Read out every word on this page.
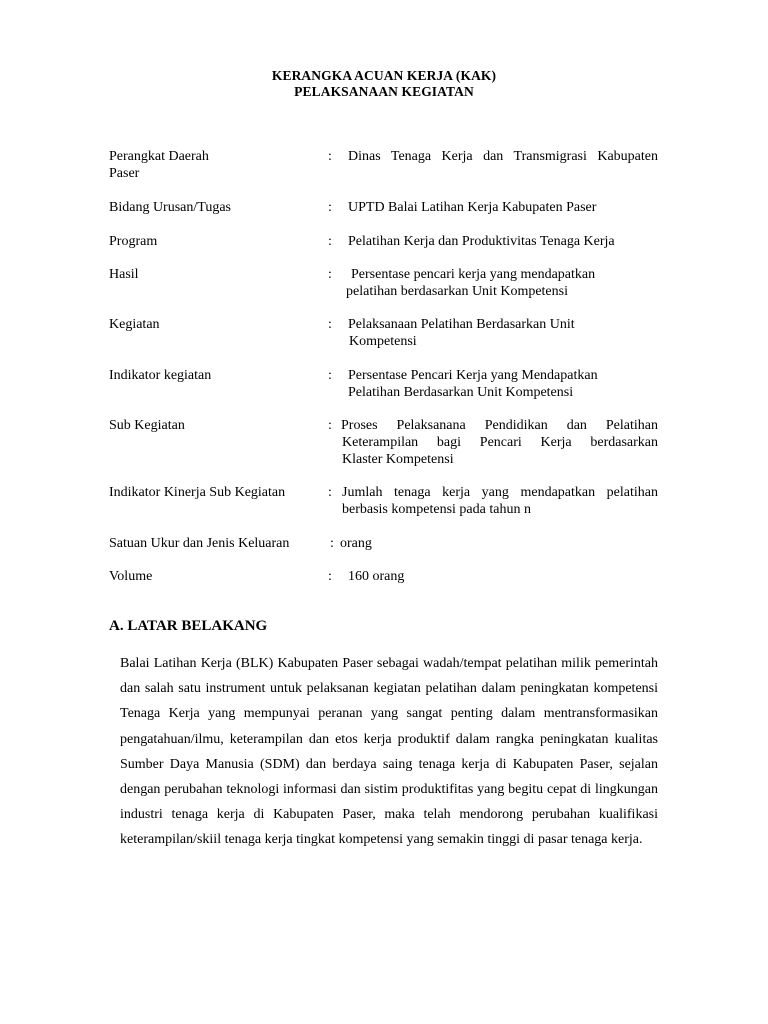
KERANGKA ACUAN KERJA (KAK)
PELAKSANAAN KEGIATAN
Perangkat Daerah	:	Dinas Tenaga Kerja dan Transmigrasi Kabupaten
Paser
Bidang Urusan/Tugas	:	UPTD Balai Latihan Kerja Kabupaten Paser
Program	:	Pelatihan Kerja dan Produktivitas Tenaga Kerja
Hasil	:	Persentase pencari kerja yang mendapatkan
pelatihan berdasarkan Unit Kompetensi
Kegiatan	:	Pelaksanaan Pelatihan Berdasarkan Unit
Kompetensi
Indikator kegiatan	:	Persentase Pencari Kerja yang Mendapatkan
Pelatihan Berdasarkan Unit Kompetensi
Sub Kegiatan	: Proses Pelaksanana Pendidikan dan Pelatihan
Keterampilan bagi Pencari Kerja berdasarkan
Klaster Kompetensi
Indikator Kinerja Sub Kegiatan	: Jumlah tenaga kerja yang mendapatkan pelatihan
berbasis kompetensi pada tahun n
Satuan Ukur dan Jenis Keluaran	: orang
Volume	:	160 orang
A. LATAR BELAKANG
Balai Latihan Kerja (BLK) Kabupaten Paser sebagai wadah/tempat pelatihan milik pemerintah dan salah satu instrument untuk pelaksanan kegiatan pelatihan dalam peningkatan kompetensi Tenaga Kerja yang mempunyai peranan yang sangat penting dalam mentransformasikan pengatahuan/ilmu, keterampilan dan etos kerja produktif dalam rangka peningkatan kualitas Sumber Daya Manusia (SDM) dan berdaya saing tenaga kerja di Kabupaten Paser, sejalan dengan perubahan teknologi informasi dan sistim produktifitas yang begitu cepat di lingkungan industri tenaga kerja di Kabupaten Paser, maka telah mendorong perubahan kualifikasi keterampilan/skiil tenaga kerja tingkat kompetensi yang semakin tinggi di pasar tenaga kerja.
